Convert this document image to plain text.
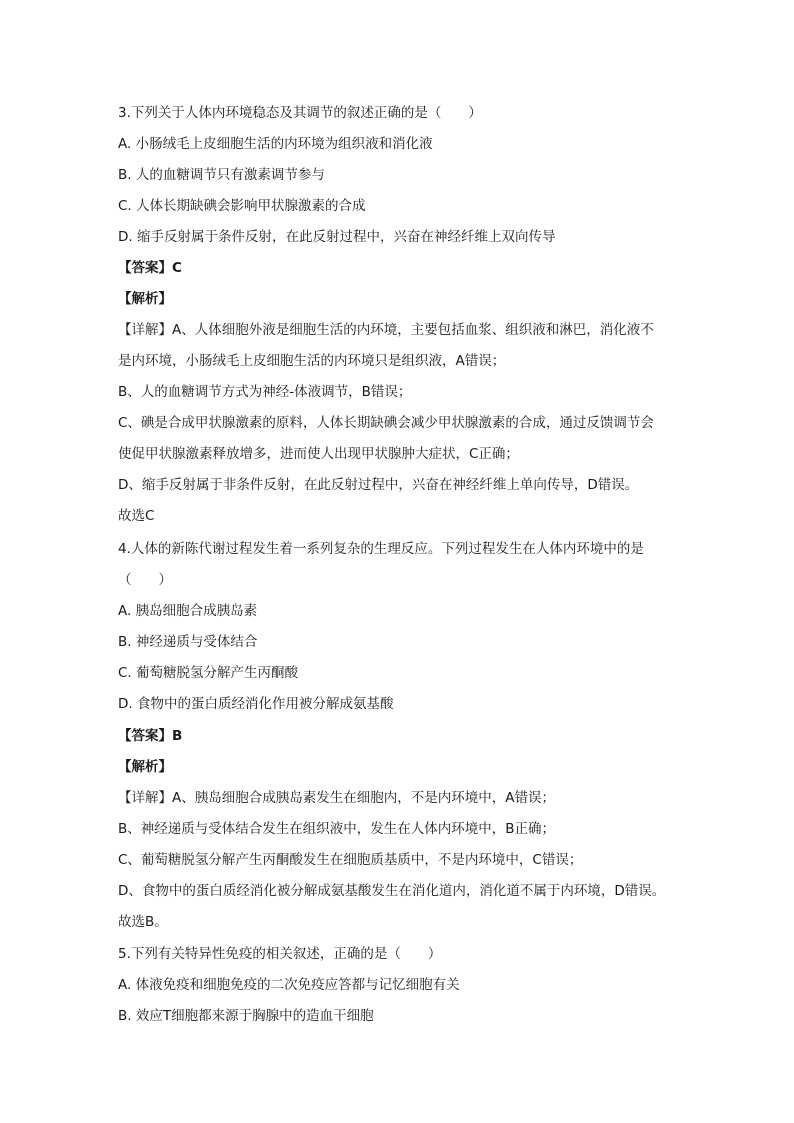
3.下列关于人体内环境稳态及其调节的叙述正确的是（　　）
A. 小肠绒毛上皮细胞生活的内环境为组织液和消化液
B. 人的血糖调节只有激素调节参与
C. 人体长期缺碘会影响甲状腺激素的合成
D. 缩手反射属于条件反射，在此反射过程中，兴奋在神经纤维上双向传导
【答案】C
【解析】
【详解】A、人体细胞外液是细胞生活的内环境，主要包括血浆、组织液和淋巴，消化液不
是内环境，小肠绒毛上皮细胞生活的内环境只是组织液，A错误；
B、人的血糖调节方式为神经-体液调节，B错误；
C、碘是合成甲状腺激素的原料，人体长期缺碘会减少甲状腺激素的合成，通过反馈调节会
使促甲状腺激素释放增多，进而使人出现甲状腺肿大症状，C正确；
D、缩手反射属于非条件反射，在此反射过程中，兴奋在神经纤维上单向传导，D错误。
故选C
4.人体的新陈代谢过程发生着一系列复杂的生理反应。下列过程发生在人体内环境中的是
（　　）
A. 胰岛细胞合成胰岛素
B. 神经递质与受体结合
C. 葡萄糖脱氢分解产生丙酮酸
D. 食物中的蛋白质经消化作用被分解成氨基酸
【答案】B
【解析】
【详解】A、胰岛细胞合成胰岛素发生在细胞内，不是内环境中，A错误；
B、神经递质与受体结合发生在组织液中，发生在人体内环境中，B正确；
C、葡萄糖脱氢分解产生丙酮酸发生在细胞质基质中，不是内环境中，C错误；
D、食物中的蛋白质经消化被分解成氨基酸发生在消化道内，消化道不属于内环境，D错误。
故选B。
5.下列有关特异性免疫的相关叙述，正确的是（　　）
A. 体液免疫和细胞免疫的二次免疫应答都与记忆细胞有关
B. 效应T细胞都来源于胸腺中的造血干细胞
